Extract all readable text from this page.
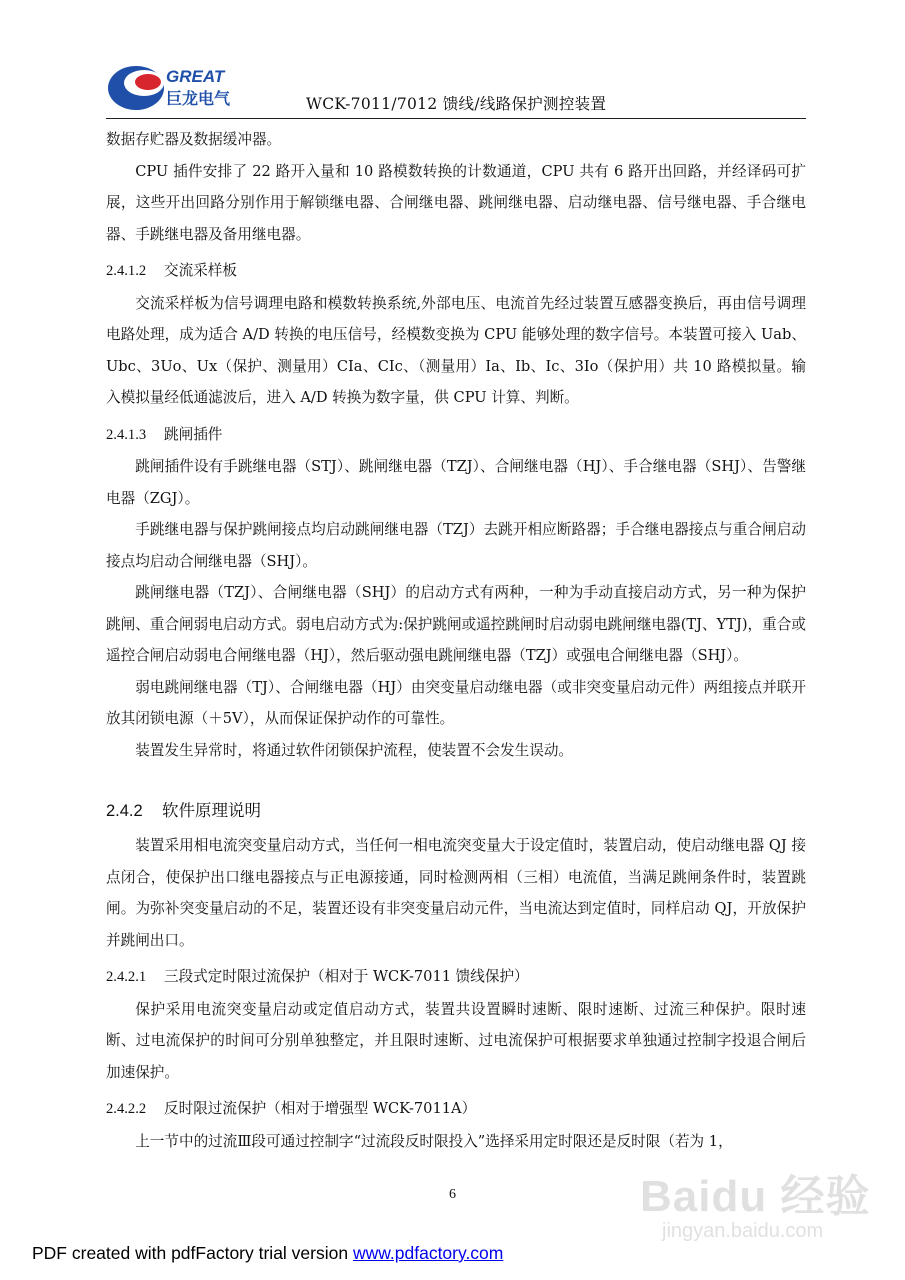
GREAT
巨龙电气	WCK-7011/7012 馈线/线路保护测控装置

数据存贮器及数据缓冲器。

CPU 插件安排了 22 路开入量和 10 路模数转换的计数通道，CPU 共有 6 路开出回路，并经译码可扩展，这些开出回路分别作用于解锁继电器、合闸继电器、跳闸继电器、启动继电器、信号继电器、手合继电器、手跳继电器及备用继电器。

2.4.1.2 交流采样板

交流采样板为信号调理电路和模数转换系统,外部电压、电流首先经过装置互感器变换后，再由信号调理电路处理，成为适合 A/D 转换的电压信号，经模数变换为 CPU 能够处理的数字信号。本装置可接入 Uab、Ubc、3Uo、Ux（保护、测量用）CIa、CIc、（测量用）Ia、Ib、Ic、3Io（保护用）共 10 路模拟量。输入模拟量经低通滤波后，进入 A/D 转换为数字量，供 CPU 计算、判断。

2.4.1.3 跳闸插件

跳闸插件设有手跳继电器（STJ）、跳闸继电器（TZJ）、合闸继电器（HJ）、手合继电器（SHJ）、告警继电器（ZGJ）。

手跳继电器与保护跳闸接点均启动跳闸继电器（TZJ）去跳开相应断路器；手合继电器接点与重合闸启动接点均启动合闸继电器（SHJ）。

跳闸继电器（TZJ）、合闸继电器（SHJ）的启动方式有两种，一种为手动直接启动方式，另一种为保护跳闸、重合闸弱电启动方式。弱电启动方式为:保护跳闸或遥控跳闸时启动弱电跳闸继电器(TJ、YTJ)，重合或遥控合闸启动弱电合闸继电器（HJ），然后驱动强电跳闸继电器（TZJ）或强电合闸继电器（SHJ）。

弱电跳闸继电器（TJ）、合闸继电器（HJ）由突变量启动继电器（或非突变量启动元件）两组接点并联开放其闭锁电源（＋5V），从而保证保护动作的可靠性。

装置发生异常时，将通过软件闭锁保护流程，使装置不会发生误动。

2.4.2 软件原理说明

装置采用相电流突变量启动方式，当任何一相电流突变量大于设定值时，装置启动，使启动继电器 QJ 接点闭合，使保护出口继电器接点与正电源接通，同时检测两相（三相）电流值，当满足跳闸条件时，装置跳闸。为弥补突变量启动的不足，装置还设有非突变量启动元件，当电流达到定值时，同样启动 QJ，开放保护并跳闸出口。

2.4.2.1 三段式定时限过流保护（相对于 WCK-7011 馈线保护）

保护采用电流突变量启动或定值启动方式，装置共设置瞬时速断、限时速断、过流三种保护。限时速断、过电流保护的时间可分别单独整定，并且限时速断、过电流保护可根据要求单独通过控制字投退合闸后加速保护。

2.4.2.2 反时限过流保护（相对于增强型 WCK-7011A）

上一节中的过流Ⅲ段可通过控制字“过流段反时限投入”选择采用定时限还是反时限（若为 1，

6	Baidu 经验
jingyan.baidu.com
PDF created with pdfFactory trial version www.pdfactory.com
